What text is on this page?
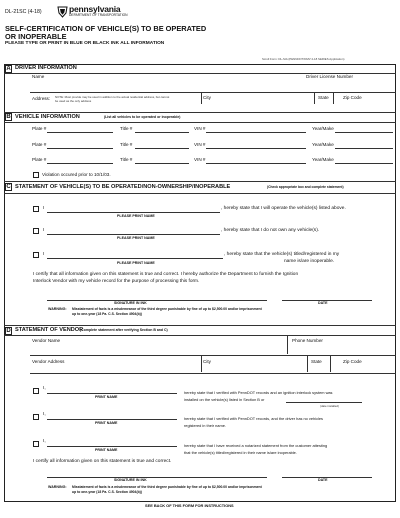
DL-21SC (4-18)	pennsylvania
DEPARTMENT OF TRANSPORTATION
SELF-CERTIFICATION OF VEHICLE(S) TO BE OPERATED
OR INOPERABLE
PLEASE TYPE OR PRINT IN BLUE OR BLACK INK ALL INFORMATION
Scroll Form: DL-SIA (PENNDOT/DMV 2-18 SERIES Application)
A DRIVER INFORMATION
Name	Driver License Number
Address: NOTE: Must provide may be used in addition to the actual residential address, but cannot
be used as the only address
City	State	Zip Code
B VEHICLE INFORMATION	(List all vehicles to be operated or inoperable)
Plate #	Title #	VIN #	Year/Make
Plate #	Title #	VIN #	Year/Make
Plate #	Title #	VIN #	Year/Make
Violation occured prior to 10/1/03.
C STATEMENT OF VEHICLE(S) TO BE OPERATED/NON-OWNERSHIP/INOPERABLE	(Check appropriate box and complete statement)
I	, hereby state that I will operate the vehicle(s) listed above.
PLEASE PRINT NAME
I	, hereby state that I do not own any vehicle(s).
PLEASE PRINT NAME
I	, hereby state that the vehicle(s) titled/registered in my
name is/are inoperable.
PLEASE PRINT NAME
I certify that all information given on this statement is true and correct. I hereby authorize the Department to furnish the Ignition
Interlock Vendor with my vehicle record for the purpose of processing this form.
SIGNATURE IN INK	DATE
WARNING: Misstatement of facts is a misdemeanor of the third degree punishable by fine of up to $2,500.00 and/or imprisonment
up to one-year (18 Pa. C.S. Section 4904(b))
D STATEMENT OF VENDOR
(Complete statement after verifying Section B and C)
Vendor Name	Phone Number
Vendor Address	City	State	Zip Code
I,
PRINT NAME
hereby state that I verified with PennDOT records and an ignition interlock system was
installed on the vehicle(s) listed in Section B or
(date installed)
I,
PRINT NAME
hereby state that I verified with PennDOT records, and the driver has no vehicles
registered in their name.
I,
PRINT NAME
hereby state that I have received a notarized statement from the customer attesting
that the vehicle(s) titled/registered in their name is/are inoperable.
I certify all information given on this statement is true and correct.
SIGNATURE IN INK	DATE
WARNING: Misstatement of facts is a misdemeanor of the third degree punishable by fine of up to $2,500.00 and/or imprisonment
up to one-year (18 Pa. C.S. Section 4904(b))
SEE BACK OF THIS FORM FOR INSTRUCTIONS
